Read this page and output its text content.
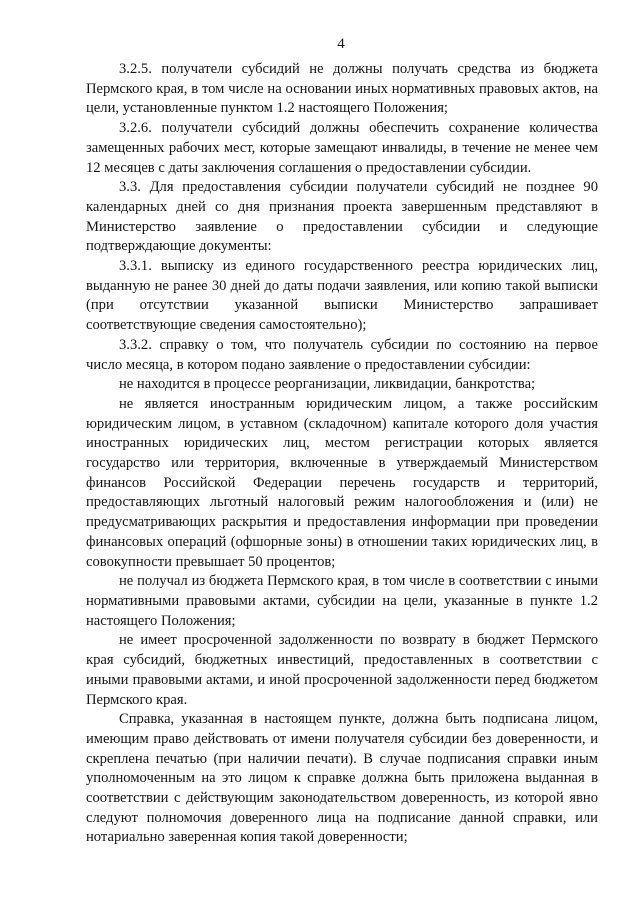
4

3.2.5. получатели субсидий не должны получать средства из бюджета Пермского края, в том числе на основании иных нормативных правовых актов, на цели, установленные пунктом 1.2 настоящего Положения;

3.2.6. получатели субсидий должны обеспечить сохранение количества замещенных рабочих мест, которые замещают инвалиды, в течение не менее чем 12 месяцев с даты заключения соглашения о предоставлении субсидии.

3.3. Для предоставления субсидии получатели субсидий не позднее 90 календарных дней со дня признания проекта завершенным представляют в Министерство заявление о предоставлении субсидии и следующие подтверждающие документы:

3.3.1. выписку из единого государственного реестра юридических лиц, выданную не ранее 30 дней до даты подачи заявления, или копию такой выписки (при отсутствии указанной выписки Министерство запрашивает соответствующие сведения самостоятельно);

3.3.2. справку о том, что получатель субсидии по состоянию на первое число месяца, в котором подано заявление о предоставлении субсидии:

не находится в процессе реорганизации, ликвидации, банкротства;

не является иностранным юридическим лицом, а также российским юридическим лицом, в уставном (складочном) капитале которого доля участия иностранных юридических лиц, местом регистрации которых является государство или территория, включенные в утверждаемый Министерством финансов Российской Федерации перечень государств и территорий, предоставляющих льготный налоговый режим налогообложения и (или) не предусматривающих раскрытия и предоставления информации при проведении финансовых операций (офшорные зоны) в отношении таких юридических лиц, в совокупности превышает 50 процентов;

не получал из бюджета Пермского края, в том числе в соответствии с иными нормативными правовыми актами, субсидии на цели, указанные в пункте 1.2 настоящего Положения;

не имеет просроченной задолженности по возврату в бюджет Пермского края субсидий, бюджетных инвестиций, предоставленных в соответствии с иными правовыми актами, и иной просроченной задолженности перед бюджетом Пермского края.

Справка, указанная в настоящем пункте, должна быть подписана лицом, имеющим право действовать от имени получателя субсидии без доверенности, и скреплена печатью (при наличии печати). В случае подписания справки иным уполномоченным на это лицом к справке должна быть приложена выданная в соответствии с действующим законодательством доверенность, из которой явно следуют полномочия доверенного лица на подписание данной справки, или нотариально заверенная копия такой доверенности;
